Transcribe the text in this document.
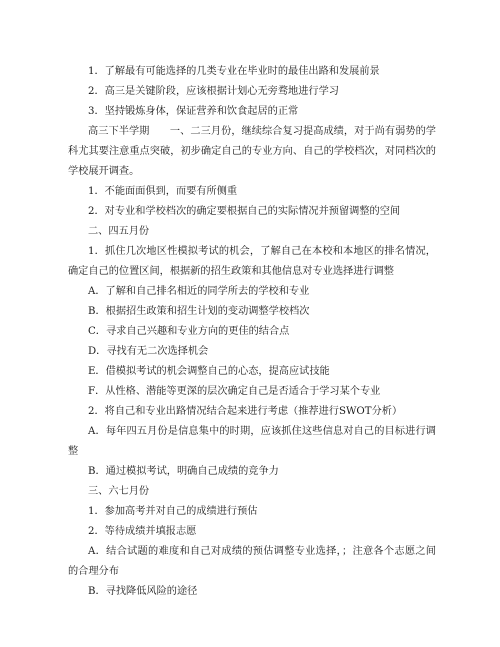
1．了解最有可能选择的几类专业在毕业时的最佳出路和发展前景
2．高三是关键阶段，应该根据计划心无旁骛地进行学习
3．坚持锻炼身体，保证营养和饮食起居的正常
高三下半学期　　一、二三月份，继续综合复习提高成绩，对于尚有弱势的学科尤其要注意重点突破，初步确定自己的专业方向、自己的学校档次，对同档次的学校展开调查。
1．不能面面俱到，而要有所侧重
2．对专业和学校档次的确定要根据自己的实际情况并预留调整的空间
二、四五月份
1．抓住几次地区性模拟考试的机会，了解自己在本校和本地区的排名情况，确定自己的位置区间，根据新的招生政策和其他信息对专业选择进行调整
A．了解和自己排名相近的同学所去的学校和专业
B．根据招生政策和招生计划的变动调整学校档次
C．寻求自己兴趣和专业方向的更佳的结合点
D．寻找有无二次选择机会
E．借模拟考试的机会调整自己的心态，提高应试技能
F．从性格、潜能等更深的层次确定自己是否适合于学习某个专业
2．将自己和专业出路情况结合起来进行考虑（推荐进行SWOT分析）
A．每年四五月份是信息集中的时期，应该抓住这些信息对自己的目标进行调整
B．通过模拟考试，明确自己成绩的竞争力
三、六七月份
1．参加高考并对自己的成绩进行预估
2．等待成绩并填报志愿
A．结合试题的难度和自己对成绩的预估调整专业选择，；注意各个志愿之间的合理分布
B．寻找降低风险的途径
